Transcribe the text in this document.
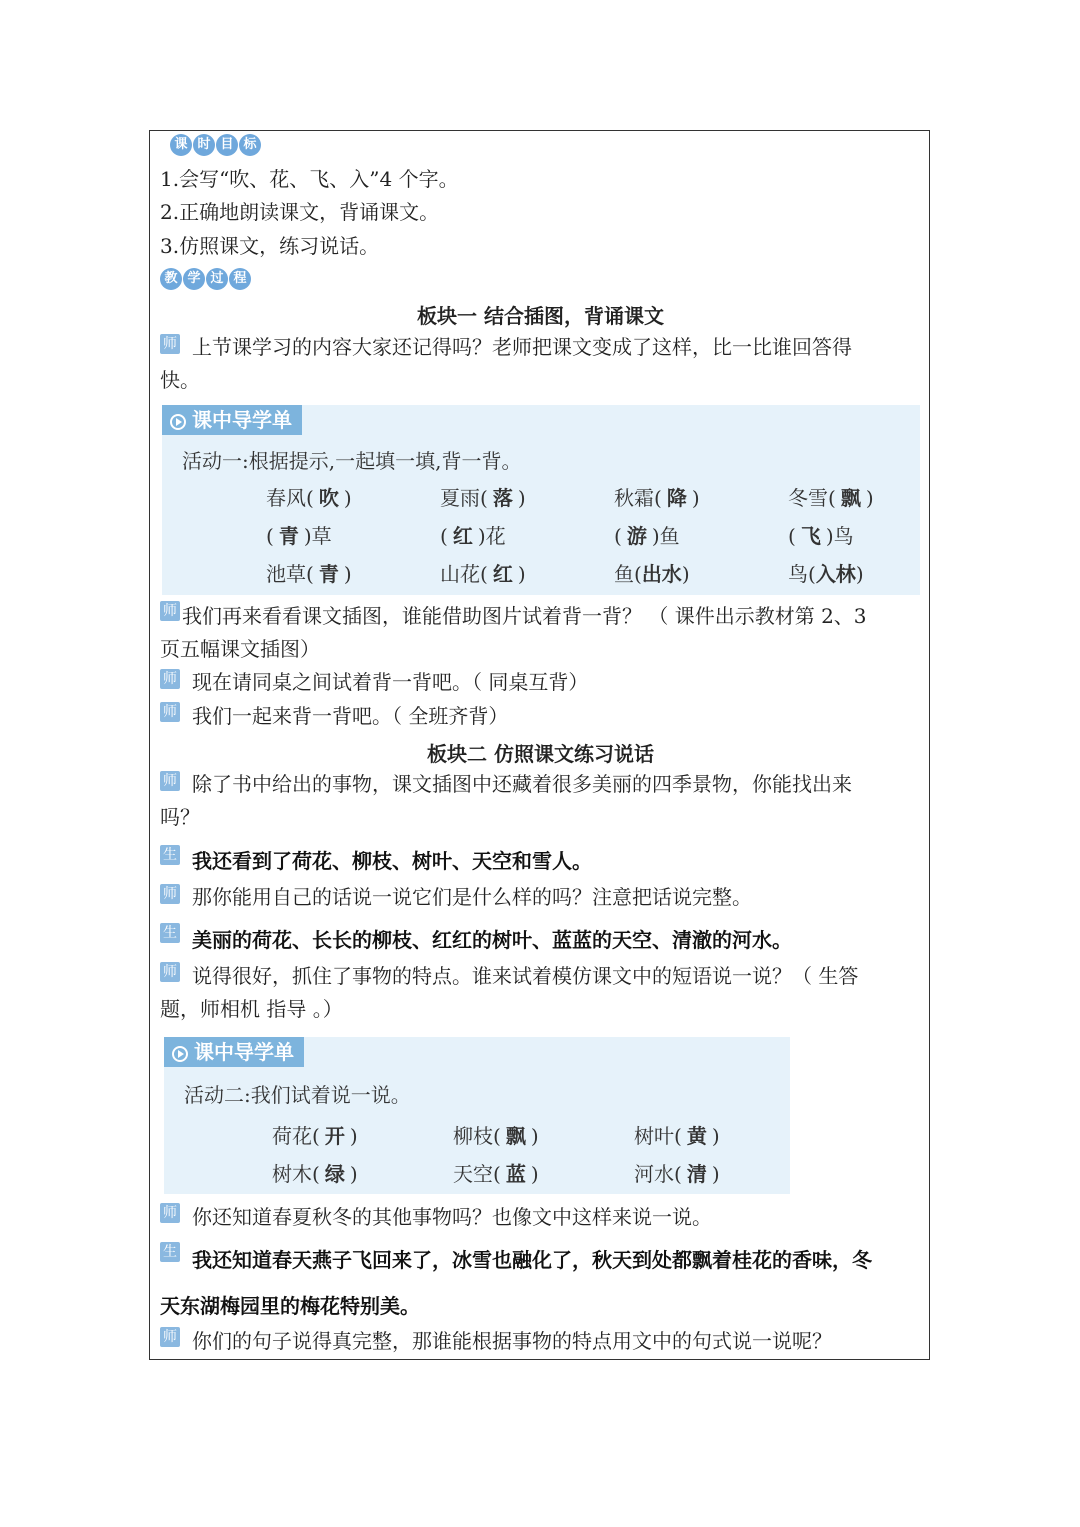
课 时 目 标
1.会写“吹、花、飞、入”4 个字。
2.正确地朗读课文，背诵课文。
3.仿照课文，练习说话。
教 学 过 程
板块一 结合插图，背诵课文
师 上节课学习的内容大家还记得吗？老师把课文变成了这样，比一比谁回答得
快。
课中导学单
活动一:根据提示,一起填一填,背一背。
春风( 吹 )	夏雨( 落 )	秋霜( 降 )	冬雪( 飘 )
( 青 )草	( 红 )花	( 游 )鱼	( 飞 )鸟
池草( 青 )	山花( 红 )	鱼(出水)	鸟(入林)
师 我们再来看看课文插图，谁能借助图片试着背一背？ （ 课件出示教材第 2、3
页五幅课文插图）
师 现在请同桌之间试着背一背吧。（ 同桌互背）
师 我们一起来背一背吧。（ 全班齐背）
板块二 仿照课文练习说话
师 除了书中给出的事物，课文插图中还藏着很多美丽的四季景物，你能找出来
吗？
生 我还看到了荷花、柳枝、树叶、天空和雪人。
师 那你能用自己的话说一说它们是什么样的吗？注意把话说完整。
生 美丽的荷花、长长的柳枝、红红的树叶、蓝蓝的天空、清澈的河水。
师 说得很好，抓住了事物的特点。谁来试着模仿课文中的短语说一说？（ 生答
题，师相机 指导 。）
课中导学单
活动二:我们试着说一说。
荷花( 开 )	柳枝( 飘 )	树叶( 黄 )
树木( 绿 )	天空( 蓝 )	河水( 清 )
师 你还知道春夏秋冬的其他事物吗？也像文中这样来说一说。
生 我还知道春天燕子飞回来了，冰雪也融化了，秋天到处都飘着桂花的香味，冬
天东湖梅园里的梅花特别美。
师 你们的句子说得真完整，那谁能根据事物的特点用文中的句式说一说呢？
